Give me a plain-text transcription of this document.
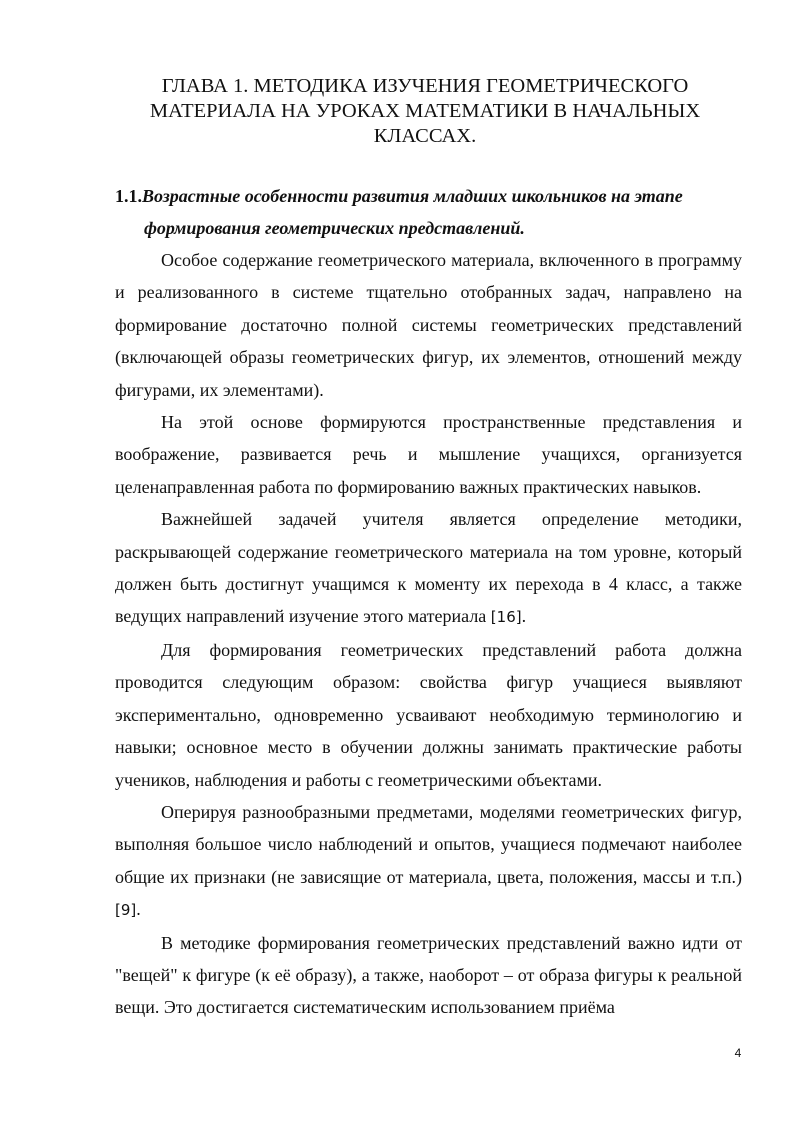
ГЛАВА 1. МЕТОДИКА ИЗУЧЕНИЯ ГЕОМЕТРИЧЕСКОГО МАТЕРИАЛА НА УРОКАХ МАТЕМАТИКИ В НАЧАЛЬНЫХ КЛАССАХ.
1.1.Возрастные особенности развития младших школьников на этапе
формирования геометрических представлений.

Особое содержание геометрического материала, включенного в программу и реализованного в системе тщательно отобранных задач, направлено на формирование достаточно полной системы геометрических представлений (включающей образы геометрических фигур, их элементов, отношений между фигурами, их элементами).

На этой основе формируются пространственные представления и воображение, развивается речь и мышление учащихся, организуется целенаправленная работа по формированию важных практических навыков.

Важнейшей задачей учителя является определение методики, раскрывающей содержание геометрического материала на том уровне, который должен быть достигнут учащимся к моменту их перехода в 4 класс, а также ведущих направлений изучение этого материала [16].

Для формирования геометрических представлений работа должна проводится следующим образом: свойства фигур учащиеся выявляют экспериментально, одновременно усваивают необходимую терминологию и навыки; основное место в обучении должны занимать практические работы учеников, наблюдения и работы с геометрическими объектами.

Оперируя разнообразными предметами, моделями геометрических фигур, выполняя большое число наблюдений и опытов, учащиеся подмечают наиболее общие их признаки (не зависящие от материала, цвета, положения, массы и т.п.) [9].

В методике формирования геометрических представлений важно идти от "вещей" к фигуре (к её образу), а также, наоборот – от образа фигуры к реальной вещи. Это достигается систематическим использованием приёма

4
